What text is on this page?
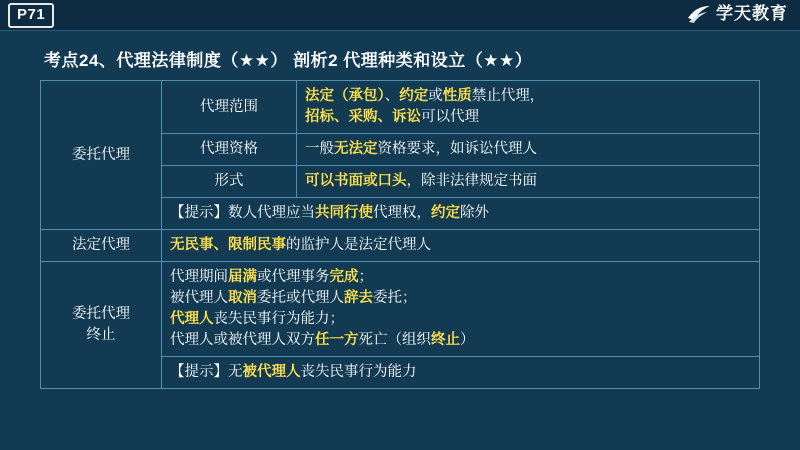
P71	学天教育
考点24、代理法律制度（★★） 剖析2 代理种类和设立（★★）
委托代理	代理范围	法定（承包）、约定或性质禁止代理，
招标、采购、诉讼可以代理
	代理资格	一般无法定资格要求，如诉讼代理人
	形式	可以书面或口头，除非法律规定书面
	【提示】数人代理应当共同行使代理权，约定除外	
法定代理	无民事、限制民事的监护人是法定代理人	
委托代理
终止	代理期间届满或代理事务完成；
被代理人取消委托或代理人辞去委托；
代理人丧失民事行为能力；
代理人或被代理人双方任一方死亡（组织终止）	
	【提示】无被代理人丧失民事行为能力	
